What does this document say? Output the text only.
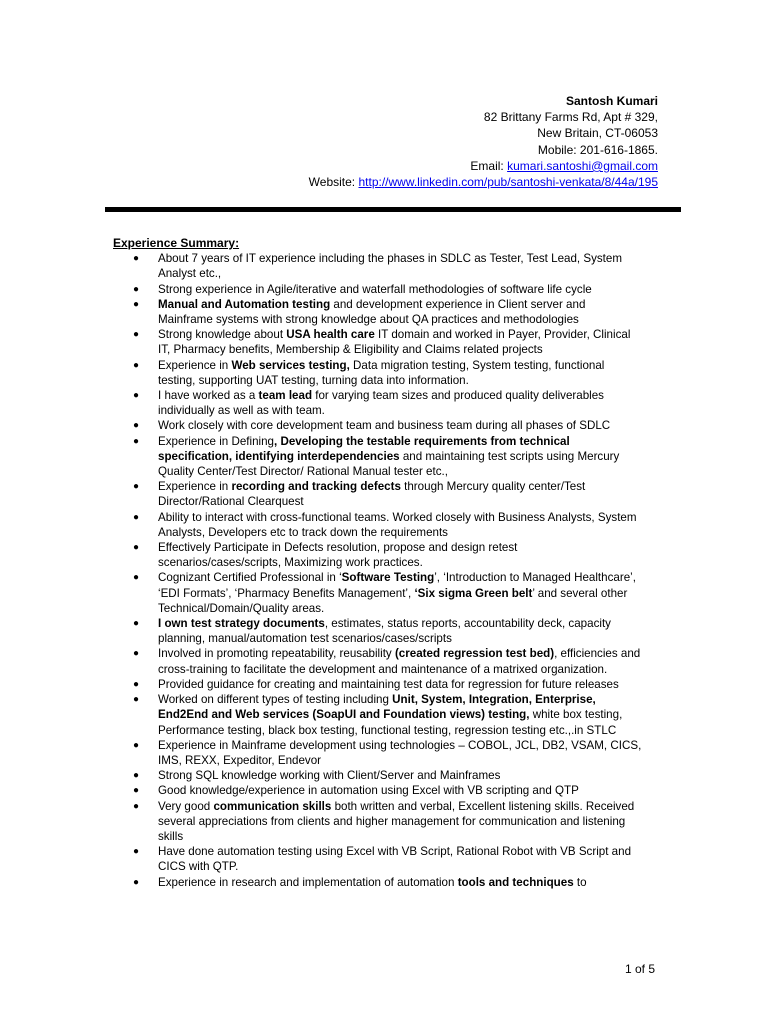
Santosh Kumari
82 Brittany Farms Rd, Apt # 329,
New Britain, CT-06053
Mobile: 201-616-1865.
Email: kumari.santoshi@gmail.com
Website: http://www.linkedin.com/pub/santoshi-venkata/8/44a/195

Experience Summary:

● About 7 years of IT experience including the phases in SDLC as Tester, Test Lead, System Analyst etc.,
● Strong experience in Agile/iterative and waterfall methodologies of software life cycle
● Manual and Automation testing and development experience in Client server and Mainframe systems with strong knowledge about QA practices and methodologies
● Strong knowledge about USA health care IT domain and worked in Payer, Provider, Clinical IT, Pharmacy benefits, Membership & Eligibility and Claims related projects
● Experience in Web services testing, Data migration testing, System testing, functional testing, supporting UAT testing, turning data into information.
● I have worked as a team lead for varying team sizes and produced quality deliverables individually as well as with team.
● Work closely with core development team and business team during all phases of SDLC
● Experience in Defining, Developing the testable requirements from technical specification, identifying interdependencies and maintaining test scripts using Mercury Quality Center/Test Director/ Rational Manual tester etc.,
● Experience in recording and tracking defects through Mercury quality center/Test Director/Rational Clearquest
● Ability to interact with cross-functional teams. Worked closely with Business Analysts, System Analysts, Developers etc to track down the requirements
● Effectively Participate in Defects resolution, propose and design retest scenarios/cases/scripts, Maximizing work practices.
● Cognizant Certified Professional in ‘Software Testing’, ‘Introduction to Managed Healthcare’, ‘EDI Formats’, ‘Pharmacy Benefits Management’, ‘Six sigma Green belt’ and several other Technical/Domain/Quality areas.
● I own test strategy documents, estimates, status reports, accountability deck, capacity planning, manual/automation test scenarios/cases/scripts
● Involved in promoting repeatability, reusability (created regression test bed), efficiencies and cross-training to facilitate the development and maintenance of a matrixed organization.
● Provided guidance for creating and maintaining test data for regression for future releases
● Worked on different types of testing including Unit, System, Integration, Enterprise, End2End and Web services (SoapUI and Foundation views) testing, white box testing, Performance testing, black box testing, functional testing, regression testing etc.,.in STLC
● Experience in Mainframe development using technologies – COBOL, JCL, DB2, VSAM, CICS, IMS, REXX, Expeditor, Endevor
● Strong SQL knowledge working with Client/Server and Mainframes
● Good knowledge/experience in automation using Excel with VB scripting and QTP
● Very good communication skills both written and verbal, Excellent listening skills. Received several appreciations from clients and higher management for communication and listening skills
● Have done automation testing using Excel with VB Script, Rational Robot with VB Script and CICS with QTP.
● Experience in research and implementation of automation tools and techniques to
1 of 5
